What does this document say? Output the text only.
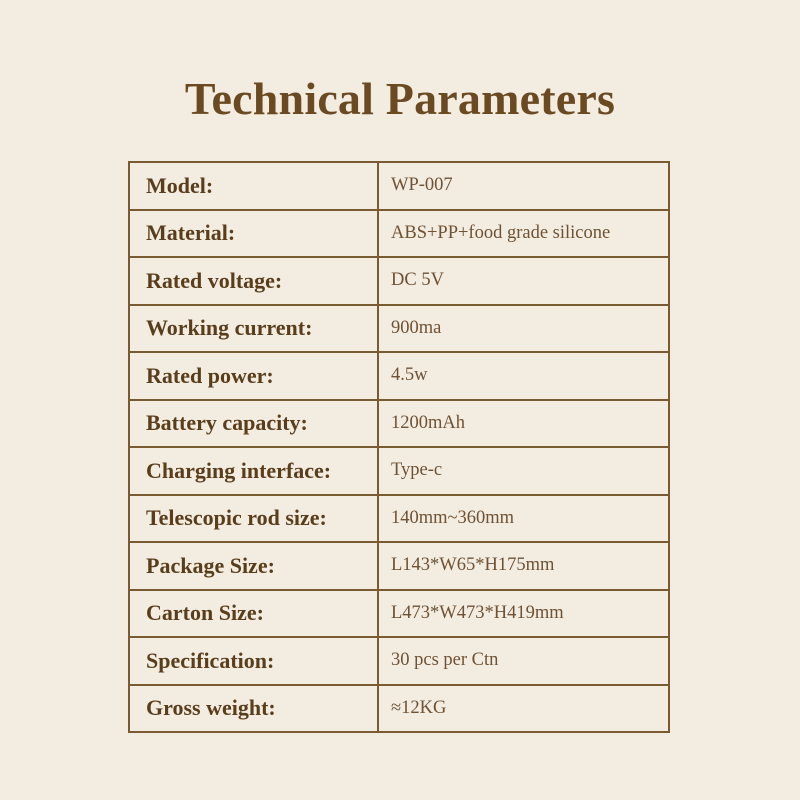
Technical Parameters
Model:	WP-007
Material:	ABS+PP+food grade silicone
Rated voltage:	DC 5V
Working current:	900ma
Rated power:	4.5w
Battery capacity:	1200mAh
Charging interface:	Type-c
Telescopic rod size:	140mm~360mm
Package Size:	L143*W65*H175mm
Carton Size:	L473*W473*H419mm
Specification:	30 pcs per Ctn
Gross weight:	≈12KG
